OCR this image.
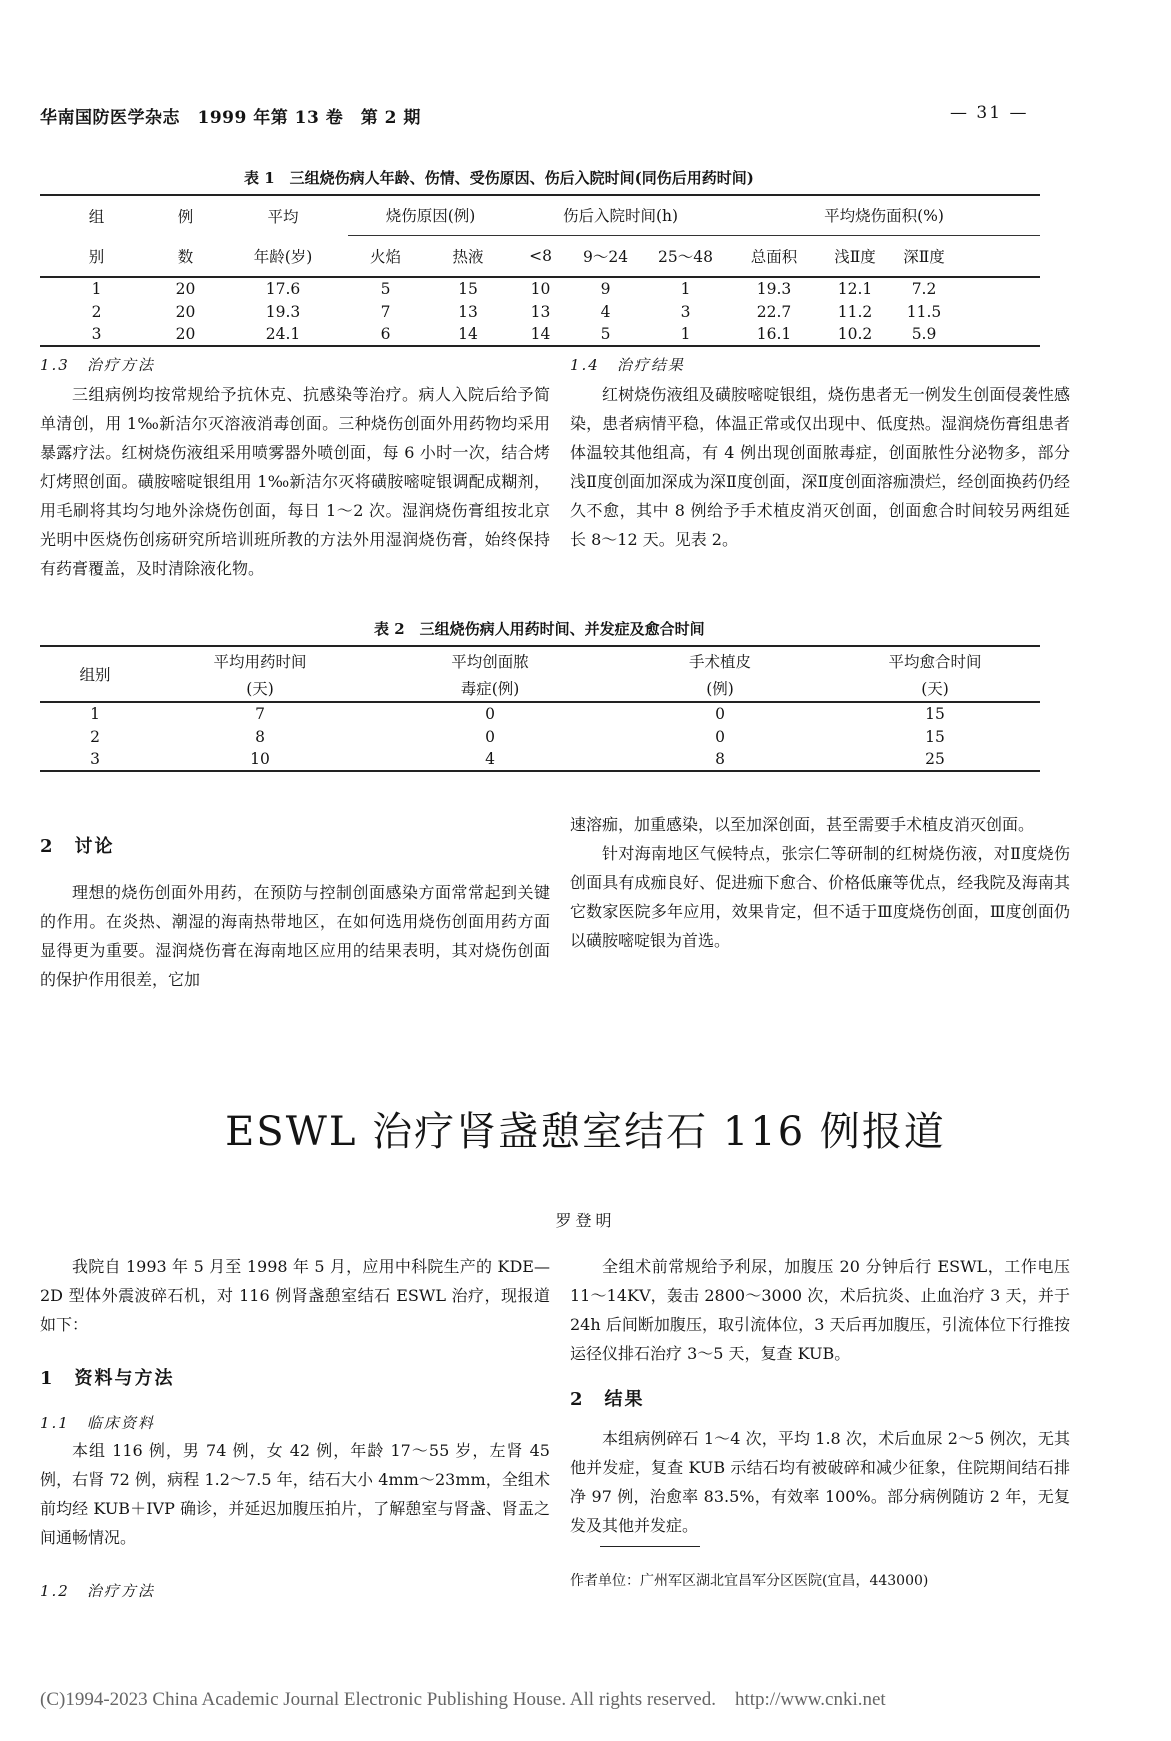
华南国防医学杂志　1999 年第 13 卷　第 2 期	— 31 —
表 1　三组烧伤病人年龄、伤情、受伤原因、伤后入院时间(同伤后用药时间)
组	例	平均	烧伤原因(例)		伤后入院时间(h)			平均烧伤面积(%)			
别	数	年龄(岁)	火焰	热液	<8	9～24	25～48	总面积	浅Ⅱ度	深Ⅱ度	
1	20	17.6	5	15	10	9	1	19.3	12.1	7.2	
2	20	19.3	7	13	13	4	3	22.7	11.2	11.5	
3	20	24.1	6	14	14	5	1	16.1	10.2	5.9	
1.3　治疗方法

三组病例均按常规给予抗休克、抗感染等治疗。病人入院后给予简单清创，用 1‰新洁尔灭溶液消毒创面。三种烧伤创面外用药物均采用暴露疗法。红树烧伤液组采用喷雾器外喷创面，每 6 小时一次，结合烤灯烤照创面。磺胺嘧啶银组用 1‰新洁尔灭将磺胺嘧啶银调配成糊剂，用毛刷将其均匀地外涂烧伤创面，每日 1～2 次。湿润烧伤膏组按北京光明中医烧伤创疡研究所培训班所教的方法外用湿润烧伤膏，始终保持有药膏覆盖，及时清除液化物。

1.4　治疗结果

红树烧伤液组及磺胺嘧啶银组，烧伤患者无一例发生创面侵袭性感染，患者病情平稳，体温正常或仅出现中、低度热。湿润烧伤膏组患者体温较其他组高，有 4 例出现创面脓毒症，创面脓性分泌物多，部分浅Ⅱ度创面加深成为深Ⅱ度创面，深Ⅱ度创面溶痂溃烂，经创面换药仍经久不愈，其中 8 例给予手术植皮消灭创面，创面愈合时间较另两组延长 8～12 天。见表 2。

表 2　三组烧伤病人用药时间、并发症及愈合时间
组别	平均用药时间	平均创面脓	手术植皮	平均愈合时间
	(天)	毒症(例)	(例)	(天)
1	7	0	0	15
2	8	0	0	15
3	10	4	8	25
2　讨论

理想的烧伤创面外用药，在预防与控制创面感染方面常常起到关键的作用。在炎热、潮湿的海南热带地区，在如何选用烧伤创面用药方面显得更为重要。湿润烧伤膏在海南地区应用的结果表明，其对烧伤创面的保护作用很差，它加

速溶痂，加重感染，以至加深创面，甚至需要手术植皮消灭创面。

针对海南地区气候特点，张宗仁等研制的红树烧伤液，对Ⅱ度烧伤创面具有成痂良好、促进痂下愈合、价格低廉等优点，经我院及海南其它数家医院多年应用，效果肯定，但不适于Ⅲ度烧伤创面，Ⅲ度创面仍以磺胺嘧啶银为首选。

ESWL 治疗肾盏憩室结石 116 例报道
罗登明

我院自 1993 年 5 月至 1998 年 5 月，应用中科院生产的 KDE—2D 型体外震波碎石机，对 116 例肾盏憩室结石 ESWL 治疗，现报道如下：

1　资料与方法
1.1　临床资料

本组 116 例，男 74 例，女 42 例，年龄 17～55 岁，左肾 45 例，右肾 72 例，病程 1.2～7.5 年，结石大小 4mm～23mm，全组术前均经 KUB＋IVP 确诊，并延迟加腹压拍片，了解憩室与肾盏、肾盂之间通畅情况。

1.2　治疗方法

全组术前常规给予利尿，加腹压 20 分钟后行 ESWL，工作电压 11～14KV，轰击 2800～3000 次，术后抗炎、止血治疗 3 天，并于 24h 后间断加腹压，取引流体位，3 天后再加腹压，引流体位下行推按运径仪排石治疗 3～5 天，复查 KUB。

2　结果

本组病例碎石 1～4 次，平均 1.8 次，术后血尿 2～5 例次，无其他并发症，复查 KUB 示结石均有被破碎和减少征象，住院期间结石排净 97 例，治愈率 83.5%，有效率 100%。部分病例随访 2 年，无复发及其他并发症。

作者单位：广州军区湖北宜昌军分区医院(宜昌，443000)
(C)1994-2023 China Academic Journal Electronic Publishing House. All rights reserved.　http://www.cnki.net
